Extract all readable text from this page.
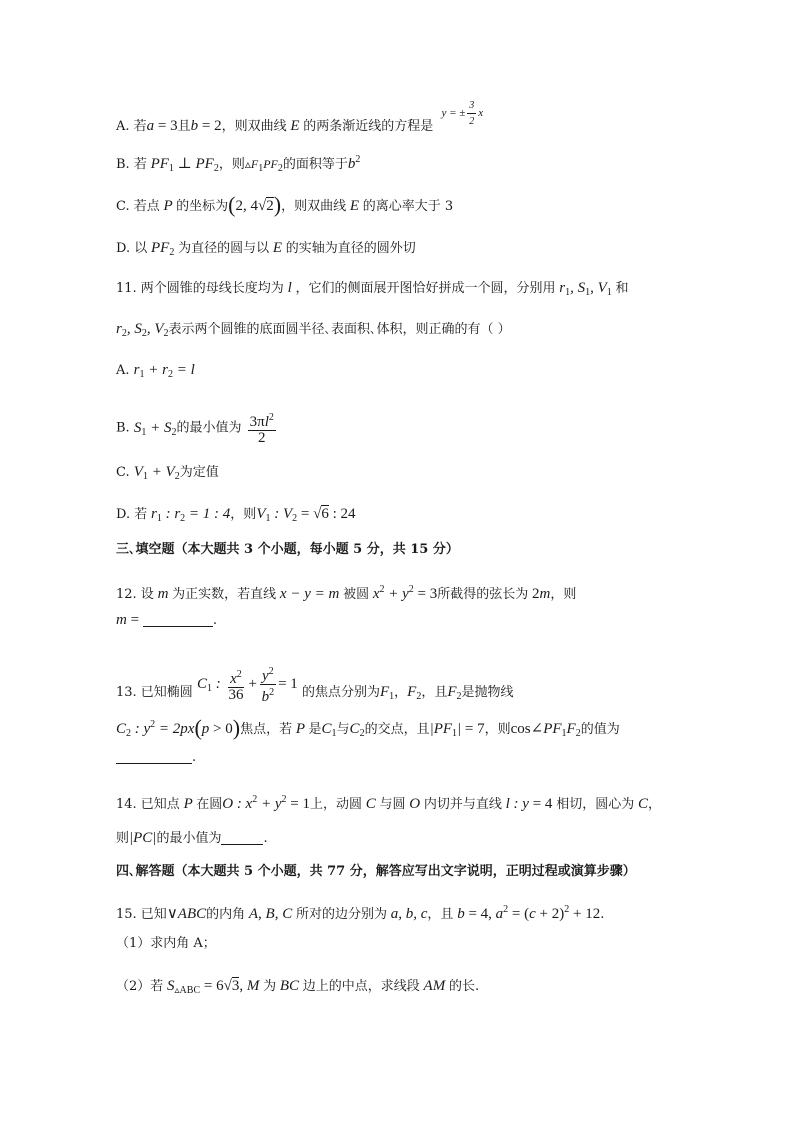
A. 若a = 3且b = 2，则双曲线 E 的两条渐近线的方程是 $^{y = \pm \frac{3}{2} x}$
B. 若 $PF_1$ ⊥ $PF_2$，则$▵F_1PF_2$的面积等于$b^2$
C. 若点 P 的坐标为(2, 4√2)，则双曲线 E 的离心率大于 3
D. 以 $PF_2$ 为直径的圆与以 E 的实轴为直径的圆外切
11. 两个圆锥的母线长度均为 l ，它们的侧面展开图恰好拼成一个圆，分别用 $r_1$, $S_1$, $V_1$ 和
$r_2$, $S_2$, $V_2$表示两个圆锥的底面圆半径､表面积､体积，则正确的有（ ）
A. $r_1 + r_2 = l$
B. $S_1 + S_2$的最小值为 $\frac{3\pi l^2}{2}$
C. $V_1 + V_2$为定值
D. 若 $r_1$ : $r_2 = 1$ : 4，则$V_1$ : $V_2 = √6$ : 24
三､填空题（本大题共 3 个小题，每小题 5 分，共 15 分）
12. 设 m 为正实数，若直线 x − y = m 被圆 $x^2 + y^2 = 3$所截得的弦长为 2m，则
m =	.
13. 已知椭圆 $C_1$ : $\frac{x^2}{36} + \frac{y^2}{b^2} = 1$ 的焦点分别为$F_1$，$F_2$，且$F_2$是抛物线
$C_2$ : $y^2 = 2px(p > 0)$焦点，若 P 是$C_1$与$C_2$的交点，且$|PF_1| = 7$，则$\cos\angle PF_1F_2$的值为
.
14. 已知点 P 在圆O : $x^2 + y^2 = 1$上，动圆 C 与圆 O 内切并与直线 l : y = 4 相切，圆心为 C，
则|PC|的最小值为	.
四､解答题（本大题共 5 个小题，共 77 分，解答应写出文字说明，正明过程或演算步骤）
15. 已知∨ABC的内角 A, B, C 所对的边分别为 a, b, c，且 b = 4, $a^2 = (c + 2)^2 + 12$.
（1）求内角 A；
（2）若 $S_{▵ABC} = 6√3$, M 为 BC 边上的中点，求线段 AM 的长.
